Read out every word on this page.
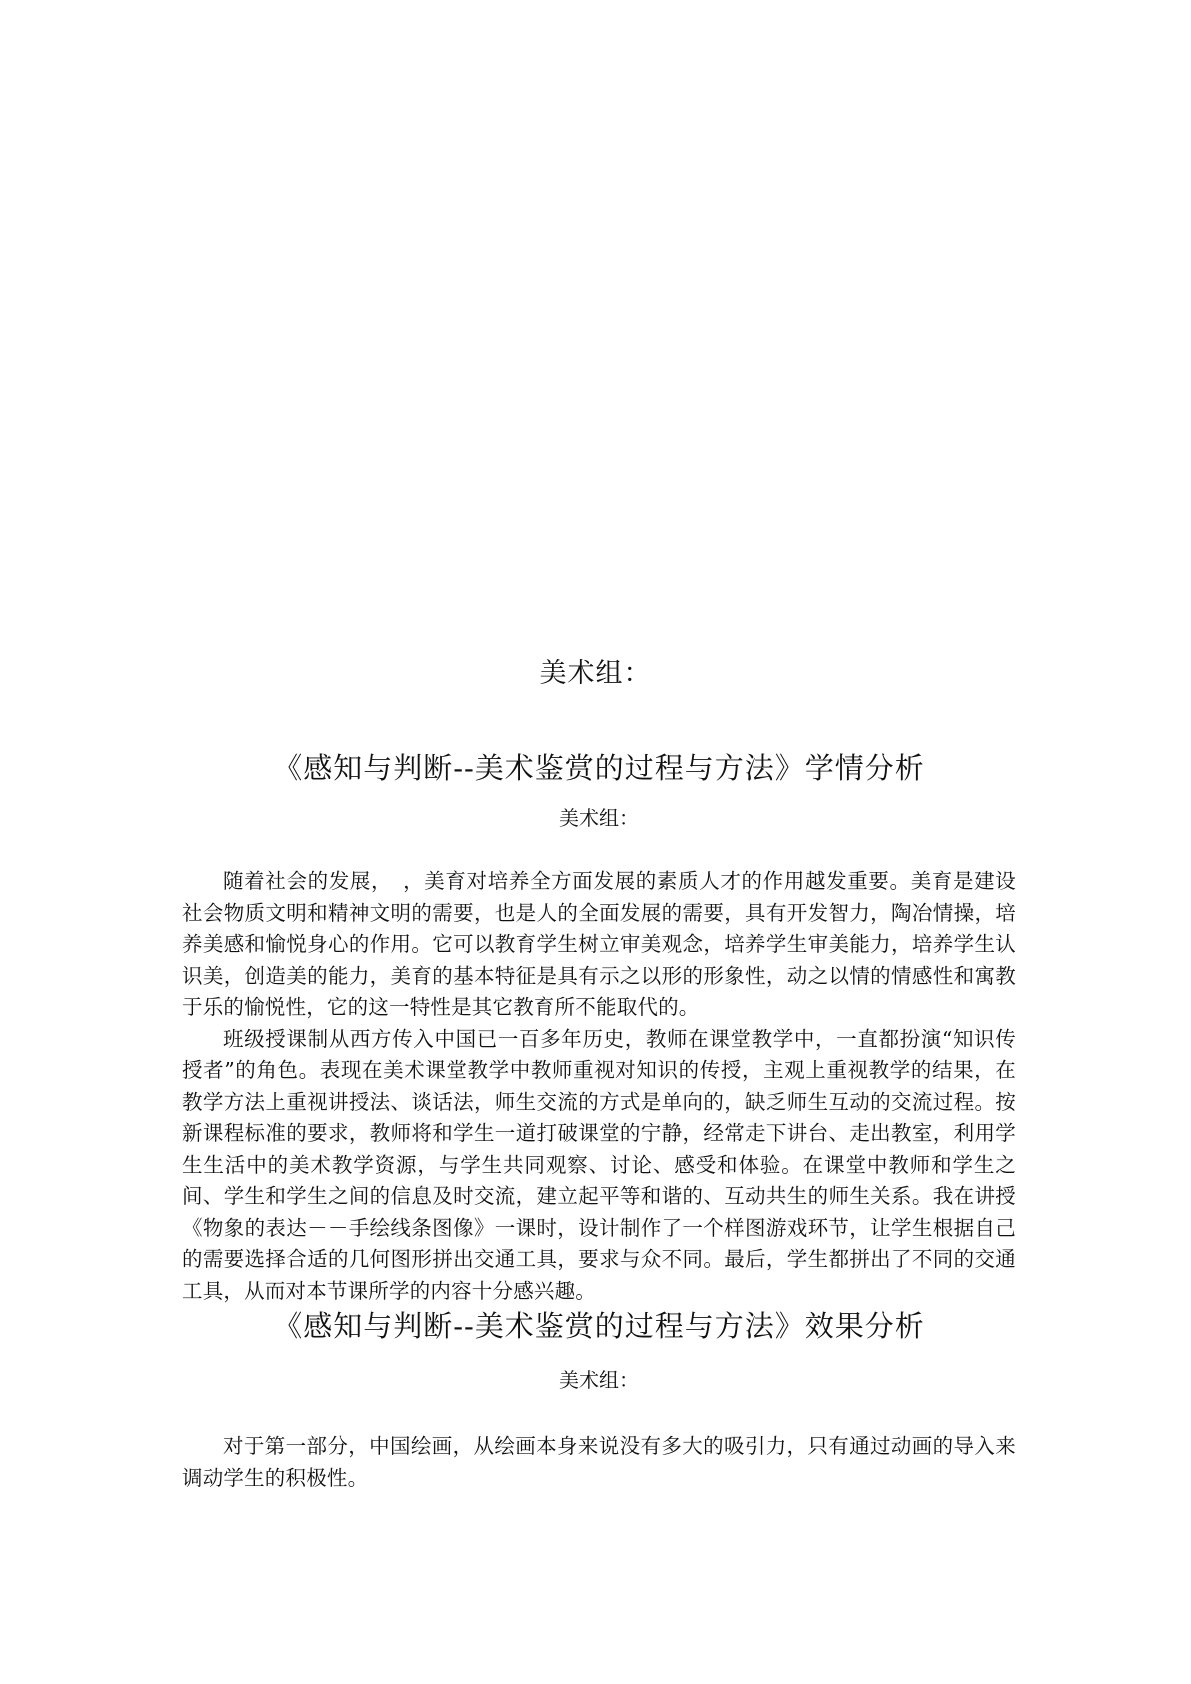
美术组：
《感知与判断--美术鉴赏的过程与方法》学情分析
美术组：

随着社会的发展，　，美育对培养全方面发展的素质人才的作用越发重要。美育是建设社会物质文明和精神文明的需要，也是人的全面发展的需要，具有开发智力，陶冶情操，培养美感和愉悦身心的作用。它可以教育学生树立审美观念，培养学生审美能力，培养学生认识美，创造美的能力，美育的基本特征是具有示之以形的形象性，动之以情的情感性和寓教于乐的愉悦性，它的这一特性是其它教育所不能取代的。

班级授课制从西方传入中国已一百多年历史，教师在课堂教学中，一直都扮演“知识传授者”的角色。表现在美术课堂教学中教师重视对知识的传授，主观上重视教学的结果，在教学方法上重视讲授法、谈话法，师生交流的方式是单向的，缺乏师生互动的交流过程。按新课程标准的要求，教师将和学生一道打破课堂的宁静，经常走下讲台、走出教室，利用学生生活中的美术教学资源，与学生共同观察、讨论、感受和体验。在课堂中教师和学生之间、学生和学生之间的信息及时交流，建立起平等和谐的、互动共生的师生关系。我在讲授《物象的表达－－手绘线条图像》一课时，设计制作了一个样图游戏环节，让学生根据自己的需要选择合适的几何图形拼出交通工具，要求与众不同。最后，学生都拼出了不同的交通工具，从而对本节课所学的内容十分感兴趣。

《感知与判断--美术鉴赏的过程与方法》效果分析
美术组：

对于第一部分，中国绘画，从绘画本身来说没有多大的吸引力，只有通过动画的导入来调动学生的积极性。
